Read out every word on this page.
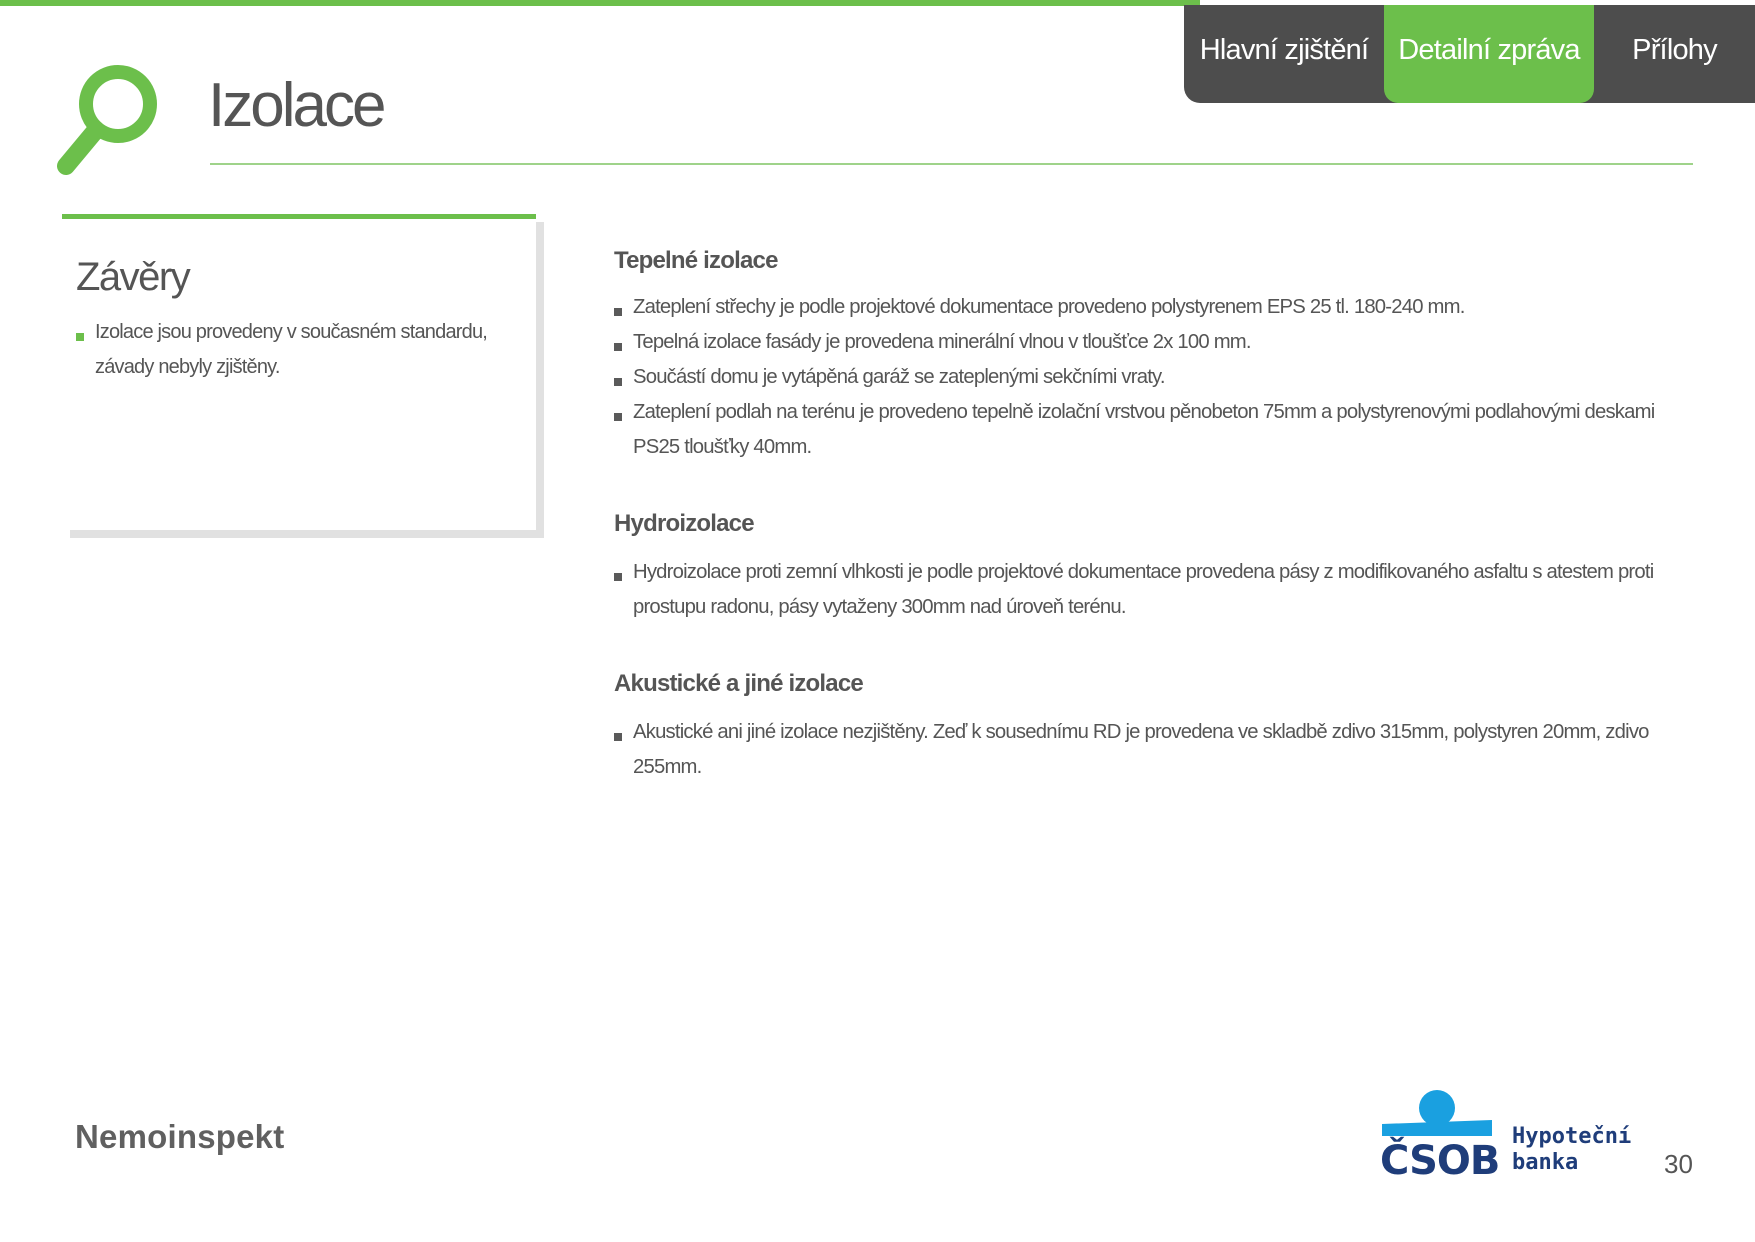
Hlavní zjištění	Detailní zpráva	Přílohy
Izolace
Závěry
Izolace jsou provedeny v současném standardu, závady nebyly zjištěny.
Tepelné izolace
Zateplení střechy je podle projektové dokumentace provedeno polystyrenem EPS 25 tl. 180-240 mm.
Tepelná izolace fasády je provedena minerální vlnou v tloušťce 2x 100 mm.
Součástí domu je vytápěná garáž se zateplenými sekčními vraty.
Zateplení podlah na terénu je provedeno tepelně izolační vrstvou pěnobeton 75mm a polystyrenovými podlahovými deskami PS25 tloušťky 40mm.
Hydroizolace
Hydroizolace proti zemní vlhkosti je podle projektové dokumentace provedena pásy z modifikovaného asfaltu s atestem proti prostupu radonu, pásy vytaženy 300mm nad úroveň terénu.
Akustické a jiné izolace
Akustické ani jiné izolace nezjištěny. Zeď k sousednímu RD je provedena ve skladbě zdivo 315mm, polystyren 20mm, zdivo 255mm.
Nemoinspekt
ČSOB
Hypoteční
banka	30
